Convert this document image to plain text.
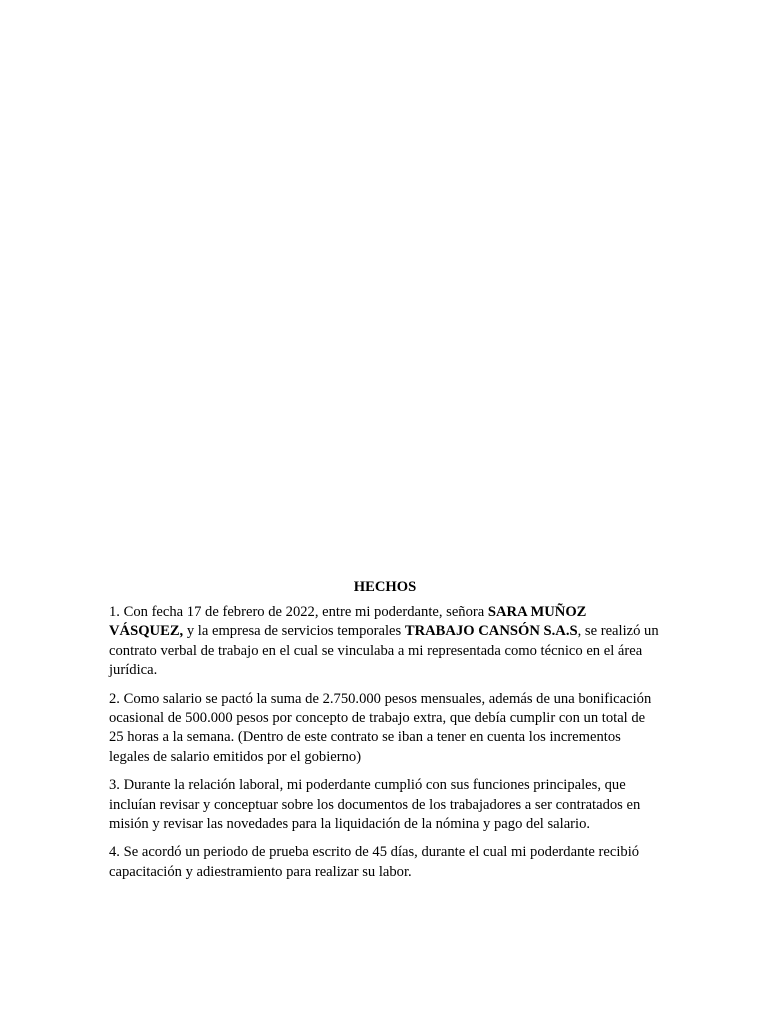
HECHOS

1. Con fecha 17 de febrero de 2022, entre mi poderdante, señora SARA MUÑOZ VÁSQUEZ, y la empresa de servicios temporales TRABAJO CANSÓN S.A.S, se realizó un contrato verbal de trabajo en el cual se vinculaba a mi representada como técnico en el área jurídica.

2. Como salario se pactó la suma de 2.750.000 pesos mensuales, además de una bonificación ocasional de 500.000 pesos por concepto de trabajo extra, que debía cumplir con un total de 25 horas a la semana. (Dentro de este contrato se iban a tener en cuenta los incrementos legales de salario emitidos por el gobierno)

3. Durante la relación laboral, mi poderdante cumplió con sus funciones principales, que incluían revisar y conceptuar sobre los documentos de los trabajadores a ser contratados en misión y revisar las novedades para la liquidación de la nómina y pago del salario.

4. Se acordó un periodo de prueba escrito de 45 días, durante el cual mi poderdante recibió capacitación y adiestramiento para realizar su labor.
